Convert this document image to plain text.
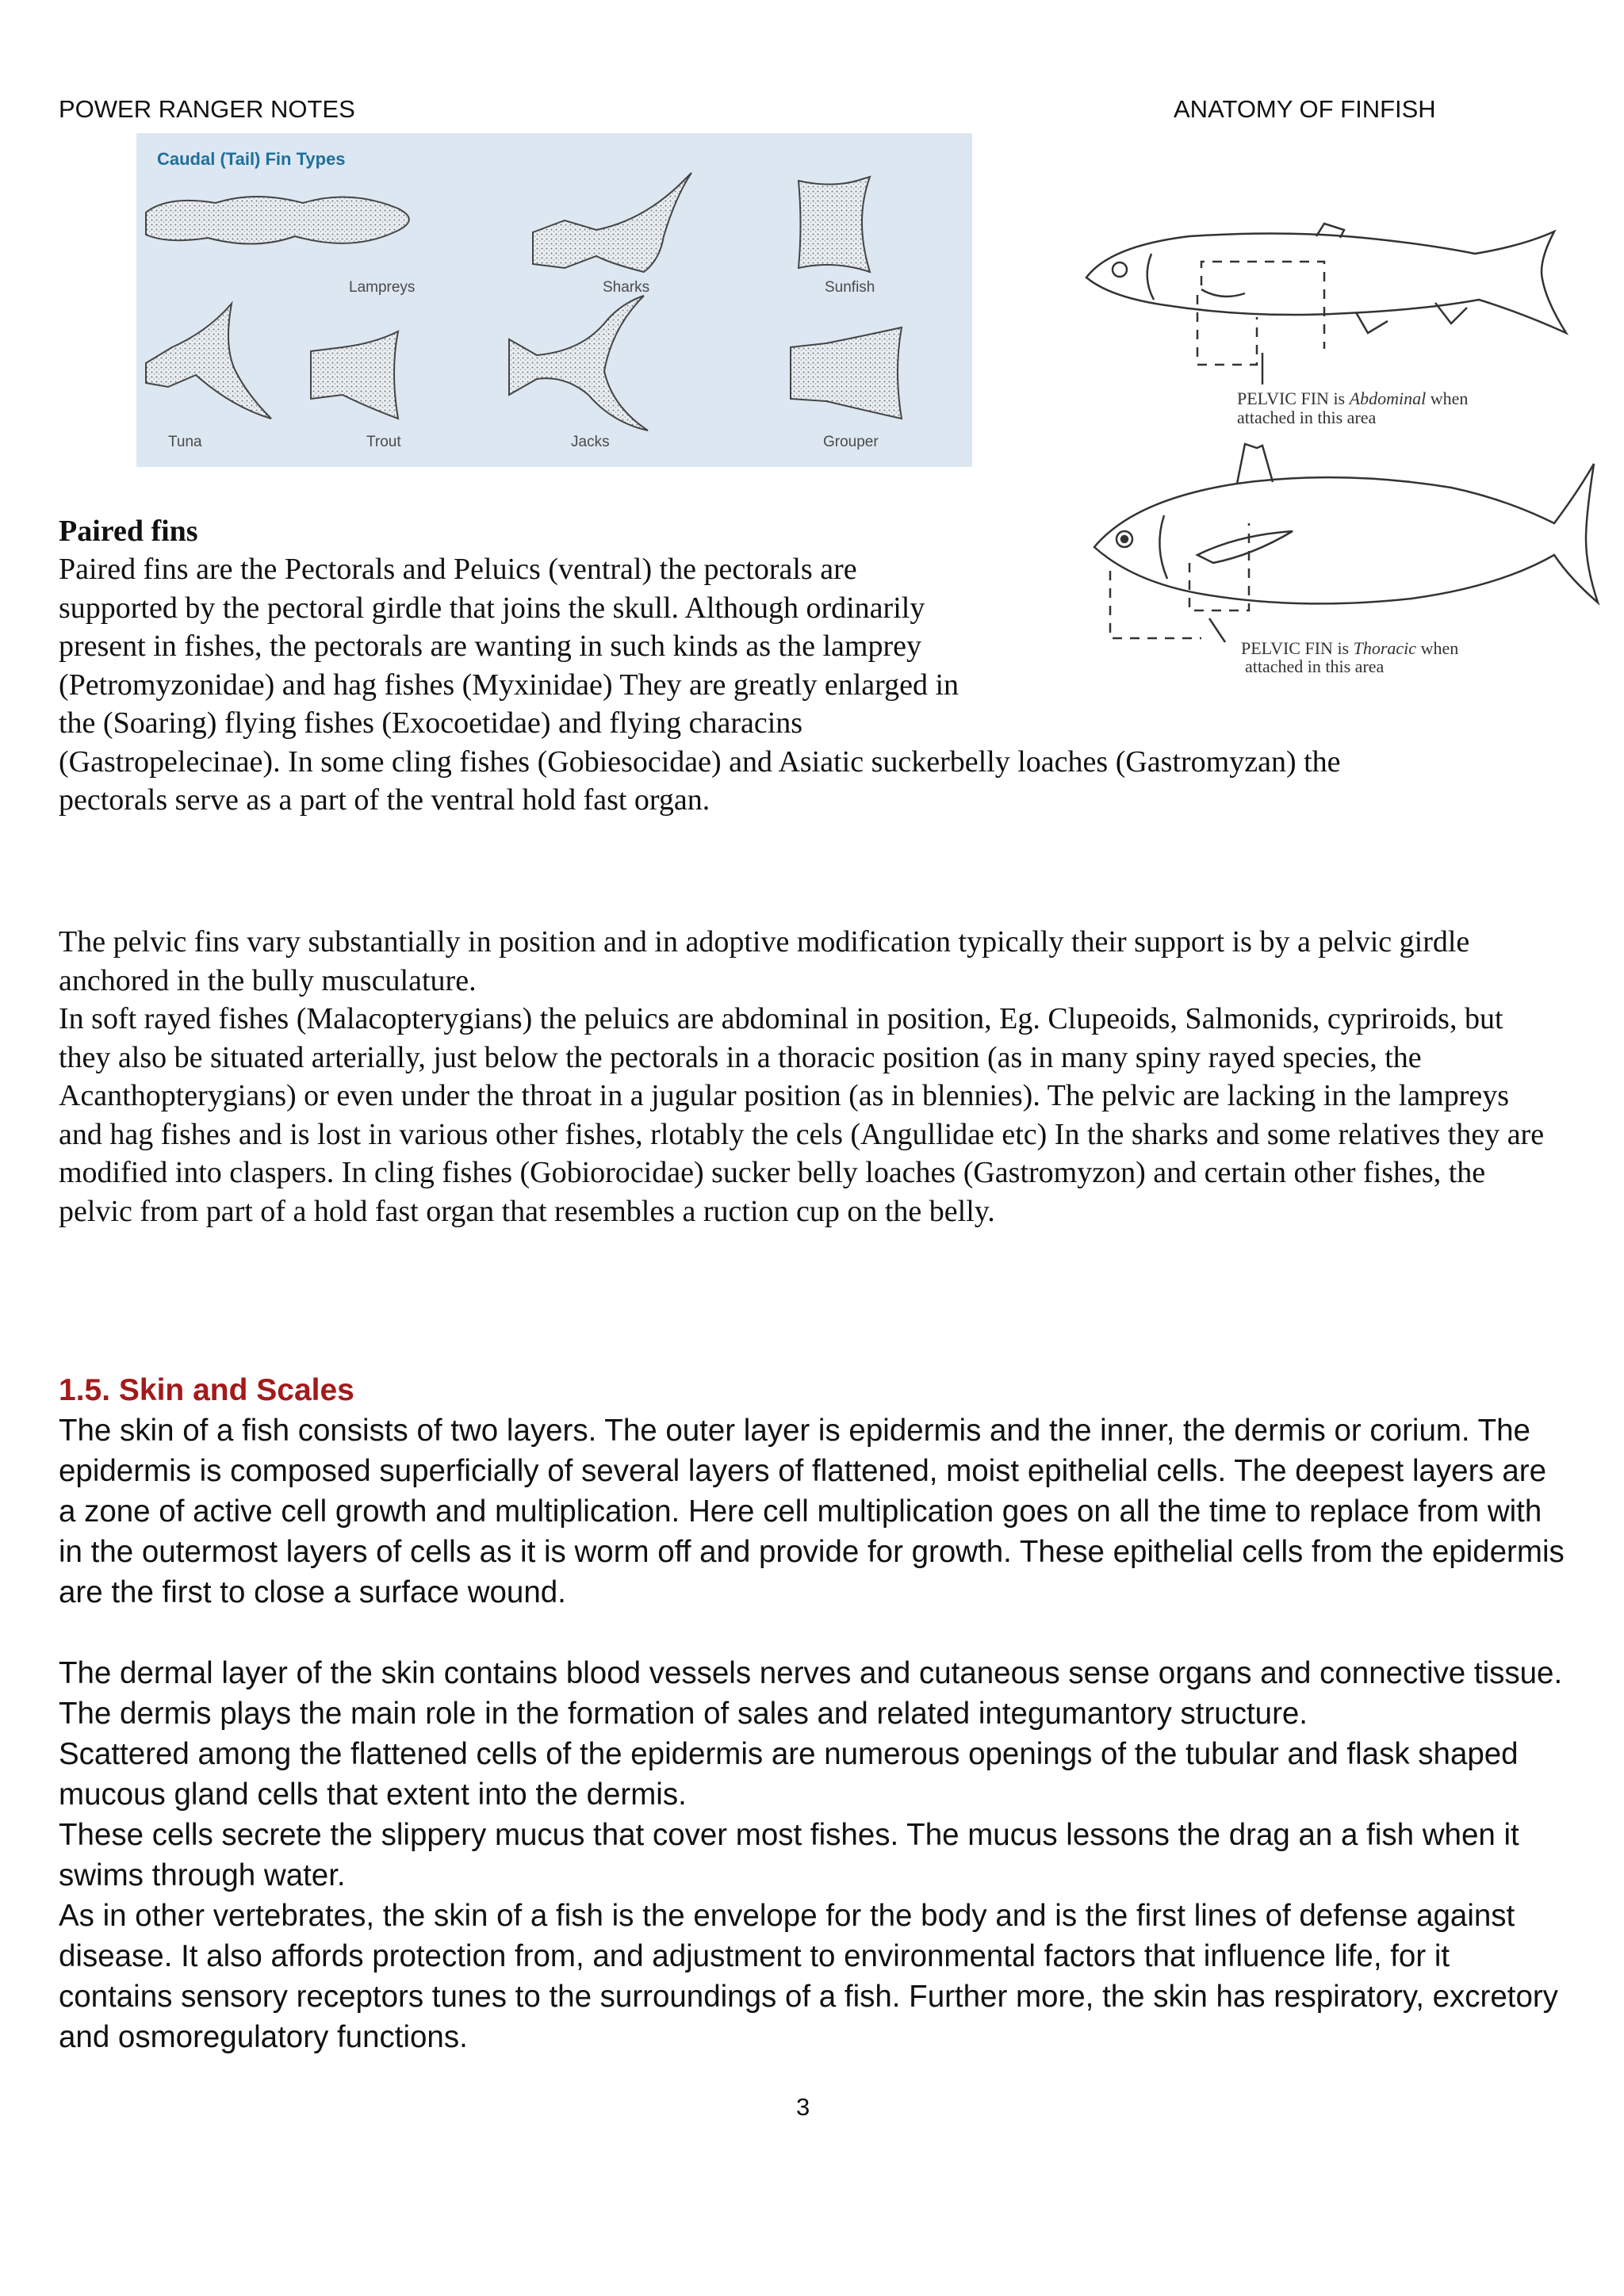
POWER RANGER NOTES	ANATOMY OF FINFISH
Caudal (Tail) Fin Types
Lampreys	Sharks	Sunfish
Tuna	Trout	Jacks	Grouper
PELVIC FIN is Abdominal when
attached in this area
PELVIC FIN is Thoracic when
attached in this area
Paired fins
Paired fins are the Pectorals and Peluics (ventral) the pectorals are
supported by the pectoral girdle that joins the skull. Although ordinarily
present in fishes, the pectorals are wanting in such kinds as the lamprey
(Petromyzonidae) and hag fishes (Myxinidae) They are greatly enlarged in
the (Soaring) flying fishes (Exocoetidae) and flying characins
(Gastropelecinae). In some cling fishes (Gobiesocidae) and Asiatic suckerbelly loaches (Gastromyzan) the
pectorals serve as a part of the ventral hold fast organ.

The pelvic fins vary substantially in position and in adoptive modification typically their support is by a pelvic girdle anchored in the bully musculature.

In soft rayed fishes (Malacopterygians) the peluics are abdominal in position, Eg. Clupeoids, Salmonids, cypriroids, but they also be situated arterially, just below the pectorals in a thoracic position (as in many spiny rayed species, the Acanthopterygians) or even under the throat in a jugular position (as in blennies). The pelvic are lacking in the lampreys and hag fishes and is lost in various other fishes, rlotably the cels (Angullidae etc) In the sharks and some relatives they are modified into claspers. In cling fishes (Gobiorocidae) sucker belly loaches (Gastromyzon) and certain other fishes, the pelvic from part of a hold fast organ that resembles a ruction cup on the belly.

1.5. Skin and Scales

The skin of a fish consists of two layers. The outer layer is epidermis and the inner, the dermis or corium. The epidermis is composed superficially of several layers of flattened, moist epithelial cells. The deepest layers are a zone of active cell growth and multiplication. Here cell multiplication goes on all the time to replace from with in the outermost layers of cells as it is worm off and provide for growth. These epithelial cells from the epidermis are the first to close a surface wound.

The dermal layer of the skin contains blood vessels nerves and cutaneous sense organs and connective tissue. The dermis plays the main role in the formation of sales and related integumantory structure.

Scattered among the flattened cells of the epidermis are numerous openings of the tubular and flask shaped mucous gland cells that extent into the dermis.

These cells secrete the slippery mucus that cover most fishes. The mucus lessons the drag an a fish when it swims through water.

As in other vertebrates, the skin of a fish is the envelope for the body and is the first lines of defense against disease. It also affords protection from, and adjustment to environmental factors that influence life, for it contains sensory receptors tunes to the surroundings of a fish. Further more, the skin has respiratory, excretory and osmoregulatory functions.

3
